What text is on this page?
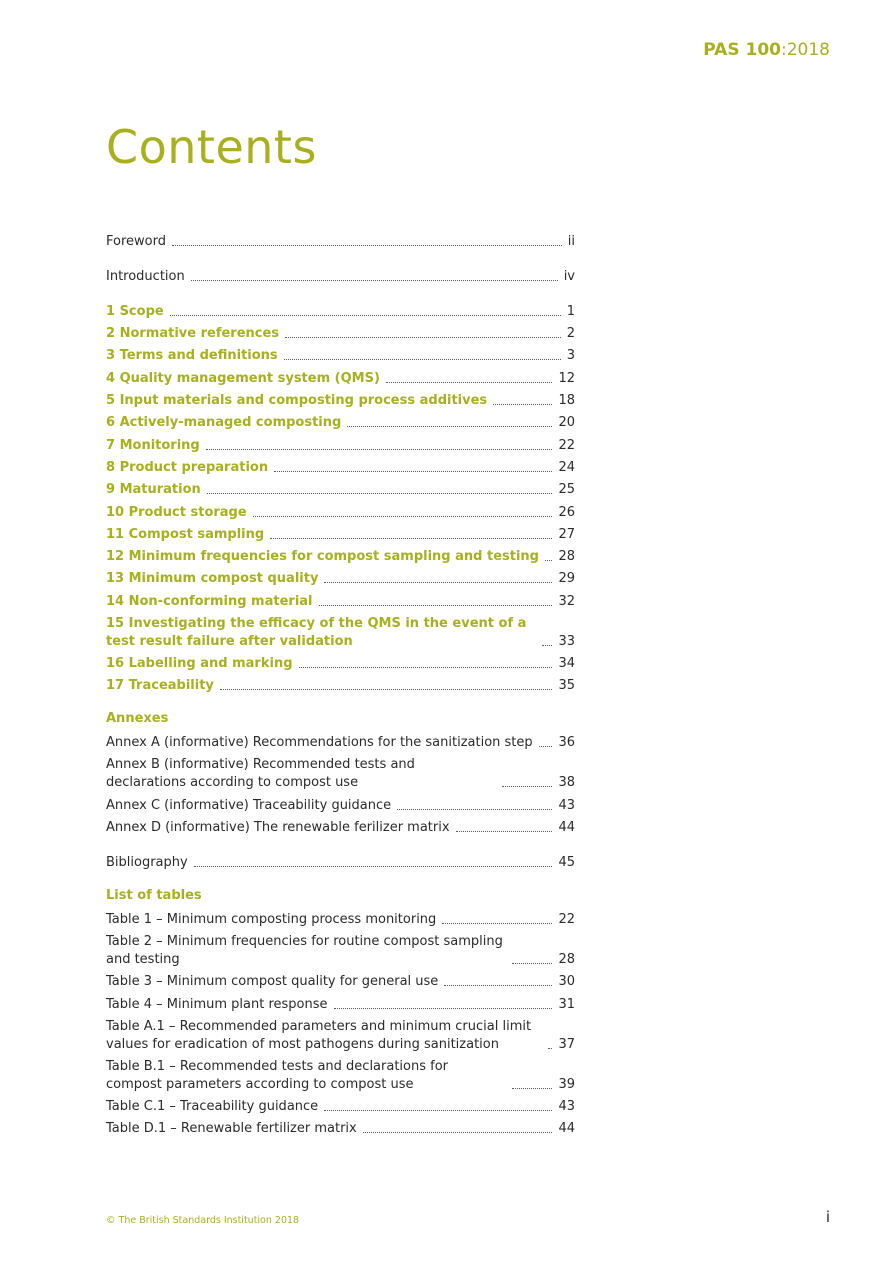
PAS 100:2018
Contents
Foreword	ii
Introduction	iv
1 Scope	1
2 Normative references	2
3 Terms and definitions	3
4 Quality management system (QMS)	12
5 Input materials and composting process additives	18
6 Actively-managed composting	20
7 Monitoring	22
8 Product preparation	24
9 Maturation	25
10 Product storage	26
11 Compost sampling	27
12 Minimum frequencies for compost sampling and testing 28
13 Minimum compost quality	29
14 Non-conforming material	32
15 Investigating the efficacy of the QMS in the event of a test result failure after validation	33
16 Labelling and marking	34
17 Traceability	35
Annexes
Annex A (informative) Recommendations for the sanitization step 36
Annex B (informative) Recommended tests and declarations according to compost use	38
Annex C (informative) Traceability guidance	43
Annex D (informative) The renewable ferilizer matrix	44
Bibliography	45
List of tables
Table 1 – Minimum composting process monitoring	22
Table 2 – Minimum frequencies for routine compost sampling and testing	28
Table 3 – Minimum compost quality for general use	30
Table 4 – Minimum plant response	31
Table A.1 – Recommended parameters and minimum crucial limit values for eradication of most pathogens during sanitization	37
Table B.1 – Recommended tests and declarations for compost parameters according to compost use	39
Table C.1 – Traceability guidance	43
Table D.1 – Renewable fertilizer matrix	44
© The British Standards Institution 2018	i
